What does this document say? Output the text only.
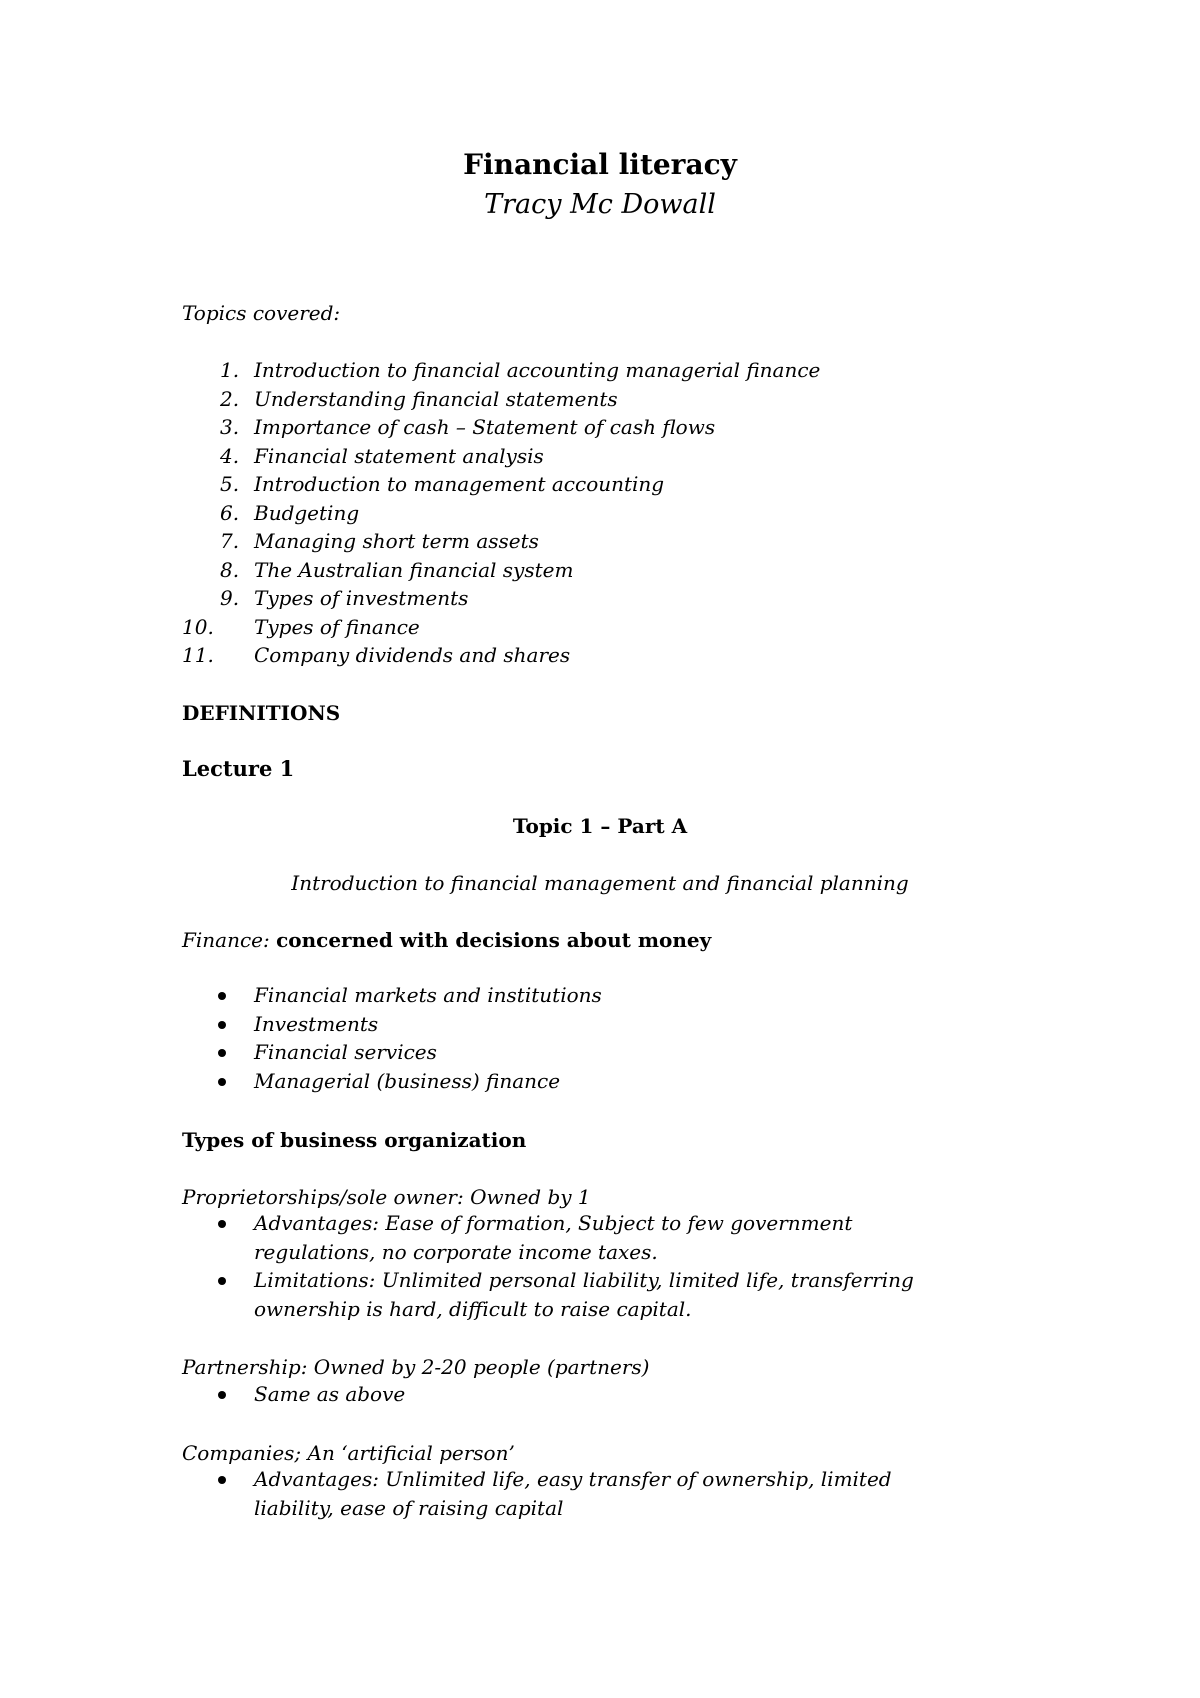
Financial literacy
Tracy Mc Dowall
Topics covered:
1. Introduction to financial accounting managerial finance
2. Understanding financial statements
3. Importance of cash – Statement of cash flows
4. Financial statement analysis
5. Introduction to management accounting
6. Budgeting
7. Managing short term assets
8. The Australian financial system
9. Types of investments
10. Types of finance
11. Company dividends and shares
DEFINITIONS
Lecture 1
Topic 1 – Part A
Introduction to financial management and financial planning
Finance: concerned with decisions about money
Financial markets and institutions
Investments
Financial services
Managerial (business) finance
Types of business organization
Proprietorships/sole owner: Owned by 1
Advantages: Ease of formation, Subject to few government regulations, no corporate income taxes.
Limitations: Unlimited personal liability, limited life, transferring ownership is hard, difficult to raise capital.
Partnership: Owned by 2-20 people (partners)
Same as above
Companies; An ‘artificial person’
Advantages: Unlimited life, easy transfer of ownership, limited liability, ease of raising capital
